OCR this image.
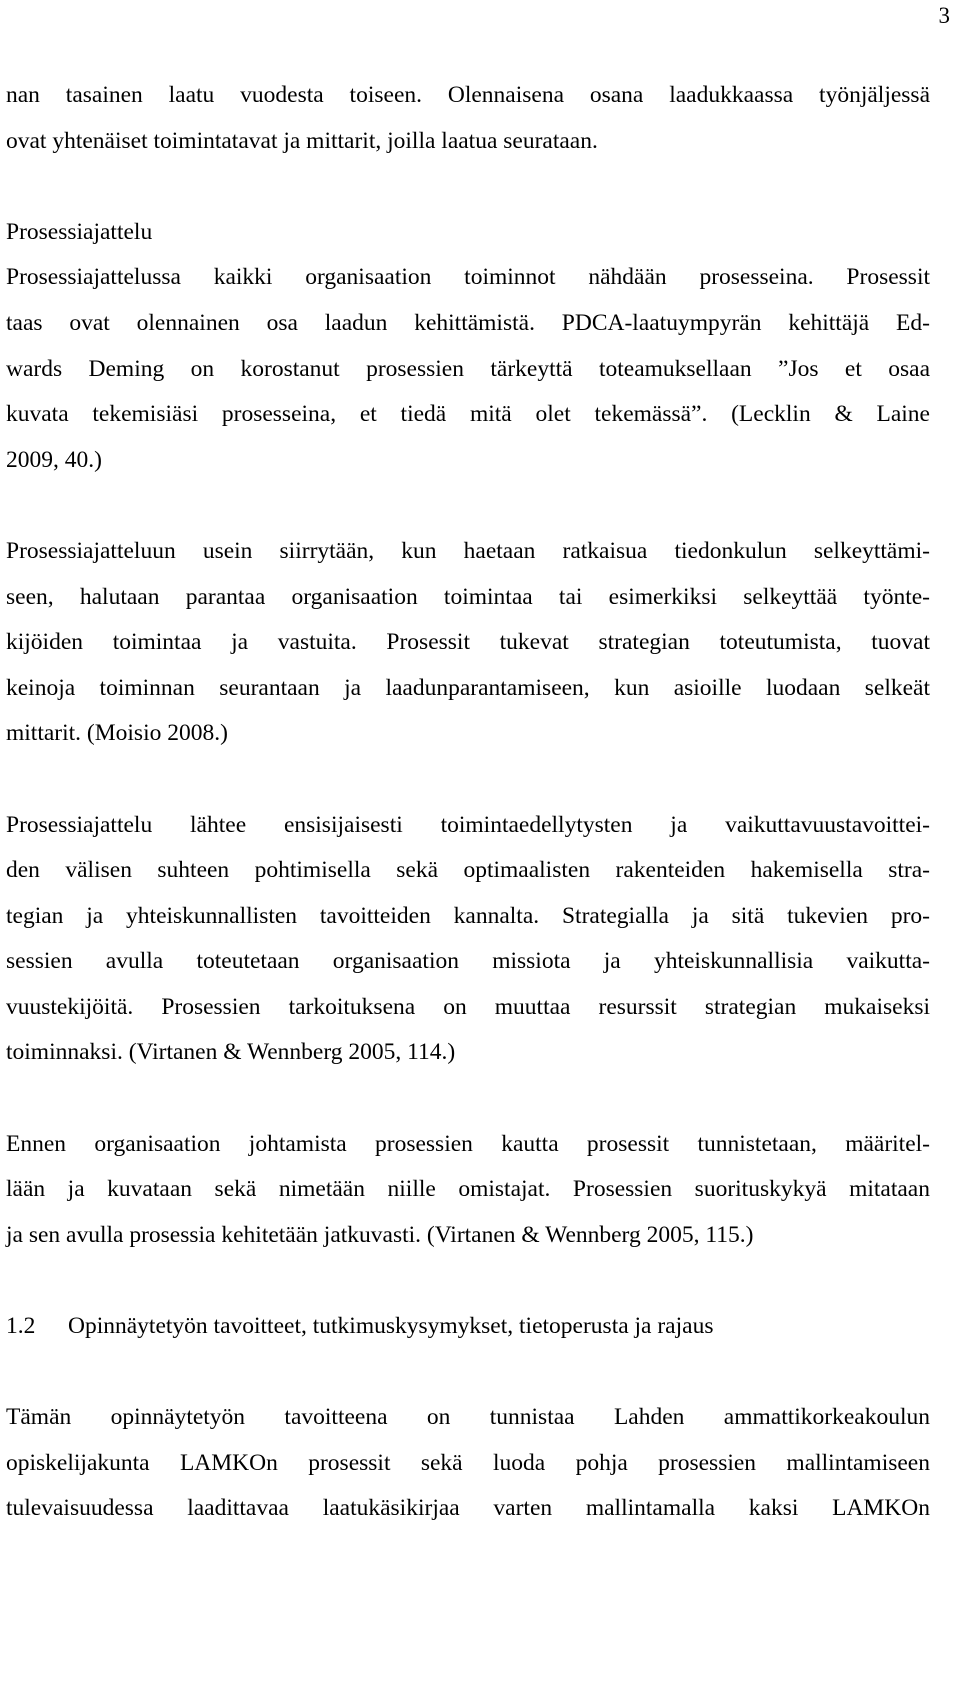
3
nan tasainen laatu vuodesta toiseen. Olennaisena osana laadukkaassa työnjäljessä
ovat yhtenäiset toimintatavat ja mittarit, joilla laatua seurataan.
Prosessiajattelu
Prosessiajattelussa kaikki organisaation toiminnot nähdään prosesseina. Prosessit
taas ovat olennainen osa laadun kehittämistä. PDCA-laatuympyrän kehittäjä Ed-
wards Deming on korostanut prosessien tärkeyttä toteamuksellaan ”Jos et osaa
kuvata tekemisiäsi prosesseina, et tiedä mitä olet tekemässä”. (Lecklin & Laine
2009, 40.)
Prosessiajatteluun usein siirrytään, kun haetaan ratkaisua tiedonkulun selkeyttämi-
seen, halutaan parantaa organisaation toimintaa tai esimerkiksi selkeyttää työnte-
kijöiden toimintaa ja vastuita. Prosessit tukevat strategian toteutumista, tuovat
keinoja toiminnan seurantaan ja laadunparantamiseen, kun asioille luodaan selkeät
mittarit. (Moisio 2008.)
Prosessiajattelu lähtee ensisijaisesti toimintaedellytysten ja vaikuttavuustavoittei-
den välisen suhteen pohtimisella sekä optimaalisten rakenteiden hakemisella stra-
tegian ja yhteiskunnallisten tavoitteiden kannalta. Strategialla ja sitä tukevien pro-
sessien avulla toteutetaan organisaation missiota ja yhteiskunnallisia vaikutta-
vuustekijöitä. Prosessien tarkoituksena on muuttaa resurssit strategian mukaiseksi
toiminnaksi. (Virtanen & Wennberg 2005, 114.)
Ennen organisaation johtamista prosessien kautta prosessit tunnistetaan, määritel-
lään ja kuvataan sekä nimetään niille omistajat. Prosessien suorituskykyä mitataan
ja sen avulla prosessia kehitetään jatkuvasti. (Virtanen & Wennberg 2005, 115.)
1.2 Opinnäytetyön tavoitteet, tutkimuskysymykset, tietoperusta ja rajaus
Tämän opinnäytetyön tavoitteena on tunnistaa Lahden ammattikorkeakoulun
opiskelijakunta LAMKOn prosessit sekä luoda pohja prosessien mallintamiseen
tulevaisuudessa laadittavaa laatukäsikirjaa varten mallintamalla kaksi LAMKOn
